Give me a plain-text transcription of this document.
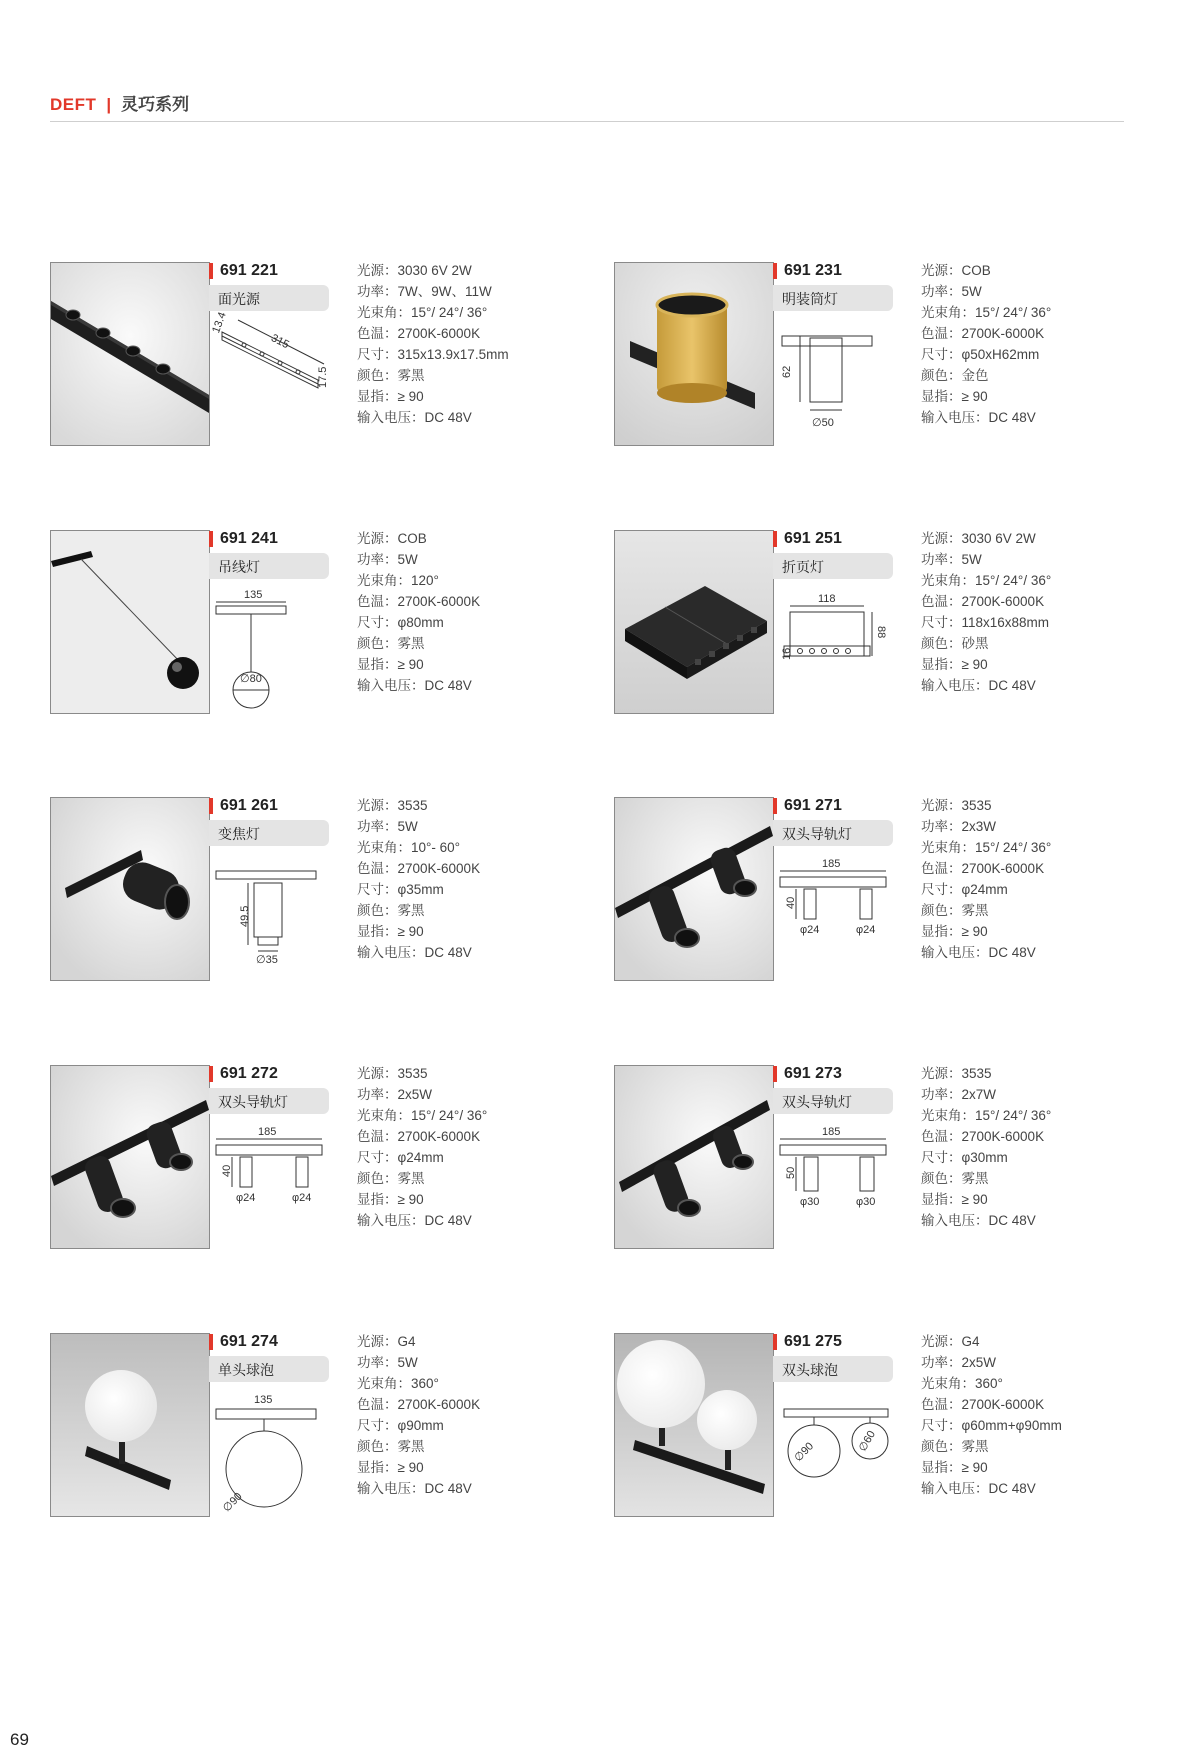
DEFT | 灵巧系列
691 221
面光源
13.4
315
17.5
光源：3030 6V 2W
功率：7W、9W、11W
光束角：15°/ 24°/ 36°
色温：2700K-6000K
尺寸：315x13.9x17.5mm
颜色：雾黑
显指：≥ 90
输入电压：DC 48V
691 231
明装筒灯
62
∅50
光源：COB
功率：5W
光束角：15°/ 24°/ 36°
色温：2700K-6000K
尺寸：φ50xH62mm
颜色：金色
显指：≥ 90
输入电压：DC 48V
691 241
吊线灯
135
∅80
光源：COB
功率：5W
光束角：120°
色温：2700K-6000K
尺寸：φ80mm
颜色：雾黑
显指：≥ 90
输入电压：DC 48V
691 251
折页灯
118
88
16
光源：3030 6V 2W
功率：5W
光束角：15°/ 24°/ 36°
色温：2700K-6000K
尺寸：118x16x88mm
颜色：砂黑
显指：≥ 90
输入电压：DC 48V
691 261
变焦灯
49.5
∅35
光源：3535
功率：5W
光束角：10°- 60°
色温：2700K-6000K
尺寸：φ35mm
颜色：雾黑
显指：≥ 90
输入电压：DC 48V
691 271
双头导轨灯
185
40
φ24	φ24
光源：3535
功率：2x3W
光束角：15°/ 24°/ 36°
色温：2700K-6000K
尺寸：φ24mm
颜色：雾黑
显指：≥ 90
输入电压：DC 48V
691 272
双头导轨灯
185
40
φ24	φ24
光源：3535
功率：2x5W
光束角：15°/ 24°/ 36°
色温：2700K-6000K
尺寸：φ24mm
颜色：雾黑
显指：≥ 90
输入电压：DC 48V
691 273
双头导轨灯
185
50
φ30	φ30
光源：3535
功率：2x7W
光束角：15°/ 24°/ 36°
色温：2700K-6000K
尺寸：φ30mm
颜色：雾黑
显指：≥ 90
输入电压：DC 48V
691 274
单头球泡
135
∅90
光源：G4
功率：5W
光束角：360°
色温：2700K-6000K
尺寸：φ90mm
颜色：雾黑
显指：≥ 90
输入电压：DC 48V
691 275
双头球泡
∅90	∅60
光源：G4
功率：2x5W
光束角：360°
色温：2700K-6000K
尺寸：φ60mm+φ90mm
颜色：雾黑
显指：≥ 90
输入电压：DC 48V
69
